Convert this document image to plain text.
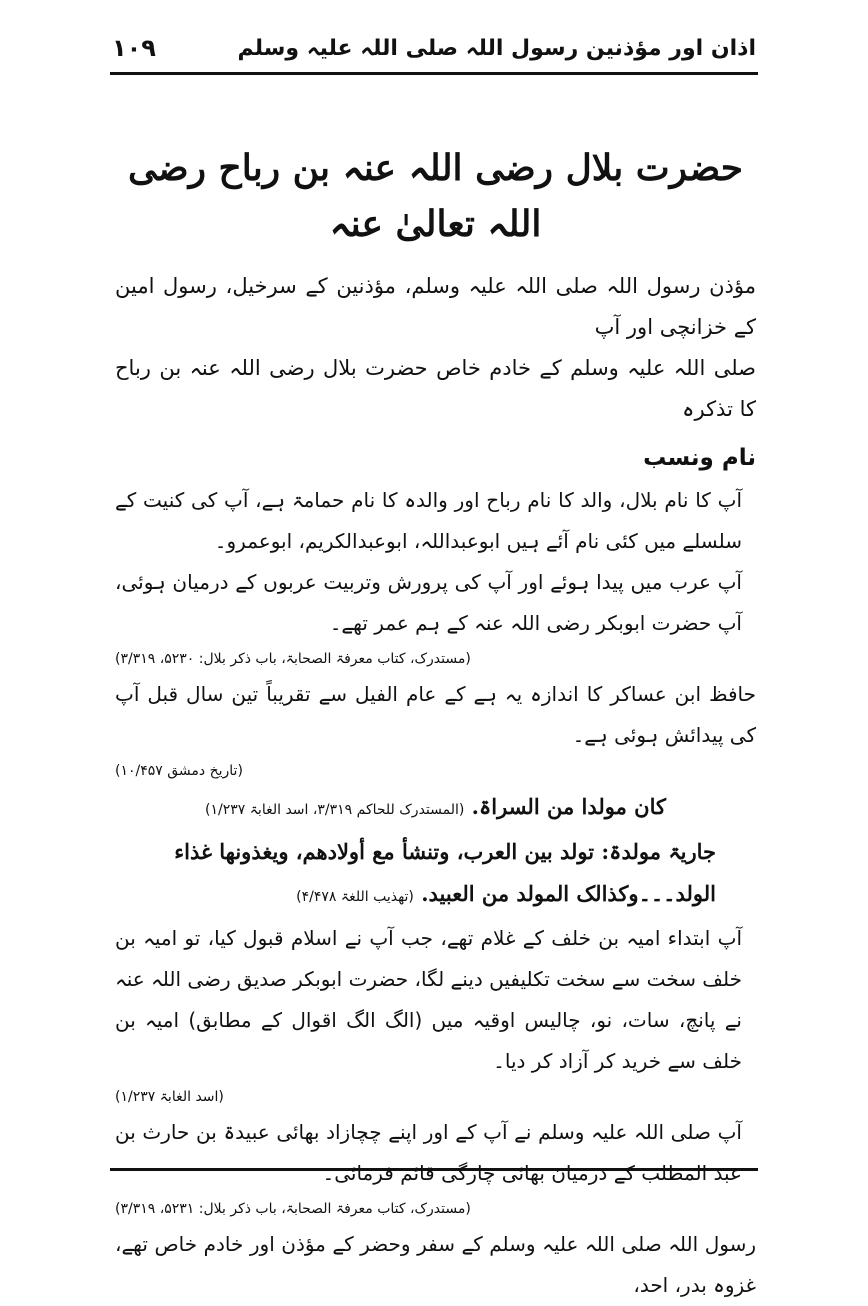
۱۰۹	اذان اور مؤذنین رسول اللہ صلی اللہ علیہ وسلم
حضرت بلال رضی اللہ عنہ بن رباح رضی اللہ تعالیٰ عنہ

مؤذن رسول اللہ صلی اللہ علیہ وسلم، مؤذنین کے سرخیل، رسول امین کے خزانچی اور آپ

صلی اللہ علیہ وسلم کے خادم خاص حضرت بلال رضی اللہ عنہ بن رباح کا تذکرہ

نام ونسب

آپ کا نام بلال، والد کا نام رباح اور والدہ کا نام حمامۃ ہے، آپ کی کنیت کے سلسلے میں کئی نام آئے ہیں ابوعبداللہ، ابوعبدالکریم، ابوعمرو۔

آپ عرب میں پیدا ہوئے اور آپ کی پرورش وتربیت عربوں کے درمیان ہوئی، آپ حضرت ابوبکر رضی اللہ عنہ کے ہم عمر تھے۔

(مستدرک، کتاب معرفۃ الصحابۃ، باب ذکر بلال: ۵۲۳۰، ۳/۳۱۹)

حافظ ابن عساکر کا اندازہ یہ ہے کے عام الفیل سے تقریباً تین سال قبل آپ کی پیدائش ہوئی ہے۔

(تاریخ دمشق ۱۰/۴۵۷)
کان مولدا من السراۃ. (المستدرک للحاکم ۳/۳۱۹، اسد الغابۃ ۱/۲۳۷)
جاریۃ مولدۃ: تولد بین العرب، وتنشأ مع أولادھم، ویغذونھا غذاء
الولد۔۔۔وکذالک المولد من العبید. (تھذیب اللغۃ ۴/۴۷۸)

آپ ابتداء امیہ بن خلف کے غلام تھے، جب آپ نے اسلام قبول کیا، تو امیہ بن خلف سخت سے سخت تکلیفیں دینے لگا، حضرت ابوبکر صدیق رضی اللہ عنہ نے پانچ، سات، نو، چالیس اوقیہ میں (الگ الگ اقوال کے مطابق) امیہ بن خلف سے خرید کر آزاد کر دیا۔

(اسد الغابۃ ۱/۲۳۷)

آپ صلی اللہ علیہ وسلم نے آپ کے اور اپنے چچازاد بھائی عبیدۃ بن حارث بن عبد المطلب کے درمیان بھائی چارگی قائم فرمائی۔

(مستدرک، کتاب معرفۃ الصحابۃ، باب ذکر بلال: ۵۲۳۱، ۳/۳۱۹)

رسول اللہ صلی اللہ علیہ وسلم کے سفر وحضر کے مؤذن اور خادم خاص تھے، غزوہ بدر، احد،
